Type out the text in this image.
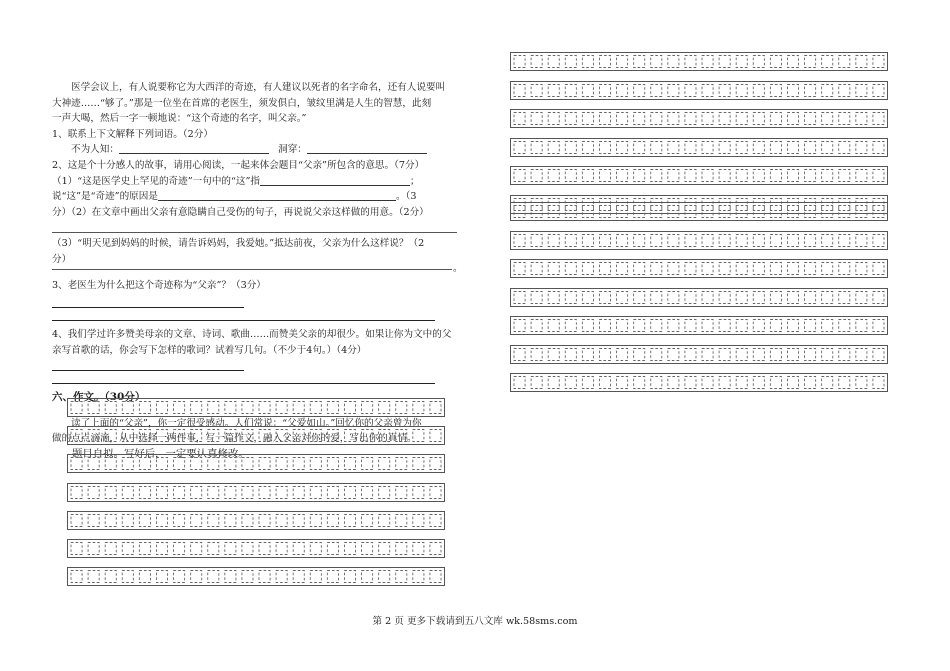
医学会议上，有人说要称它为大西洋的奇迹，有人建议以死者的名字命名，还有人说要叫

大神迹……“够了。”那是一位坐在首席的老医生，须发俱白，皱纹里满是人生的智慧，此刻

一声大喝，然后一字一顿地说：“这个奇迹的名字，叫父亲。”

1、联系上下文解释下列词语。（2分）

不为人知：	洞穿：

2、这是个十分感人的故事，请用心阅读，一起来体会题目“父亲”所包含的意思。（7分）

（1）“这是医学史上罕见的奇迹”一句中的“这”指	；

说“这”是“奇迹”的原因是	。（3

分）（2）在文章中画出父亲有意隐瞒自己受伤的句子，再说说父亲这样做的用意。（2分）

（3）“明天见到妈妈的时候，请告诉妈妈，我爱她。”抵达前夜，父亲为什么这样说？（2

分）

。

3、老医生为什么把这个奇迹称为“父亲”？（3分）

4、我们学过许多赞美母亲的文章、诗词、歌曲……而赞美父亲的却很少。如果让你为文中的父

亲写首歌的话，你会写下怎样的歌词？试着写几句。（不少于4句。）（4分）

六、作文。（30分）

读了上面的“父亲”，你一定很受感动。人们常说：“父爱如山。”回忆你的父亲曾为你

做的点点滴滴，从中选择一两件事，写一篇作文，融入父亲对你的爱，写出你的真情。

题目自拟。写好后，一定要认真修改。

第 2 页 更多下载请到五八文库 wk.58sms.com
